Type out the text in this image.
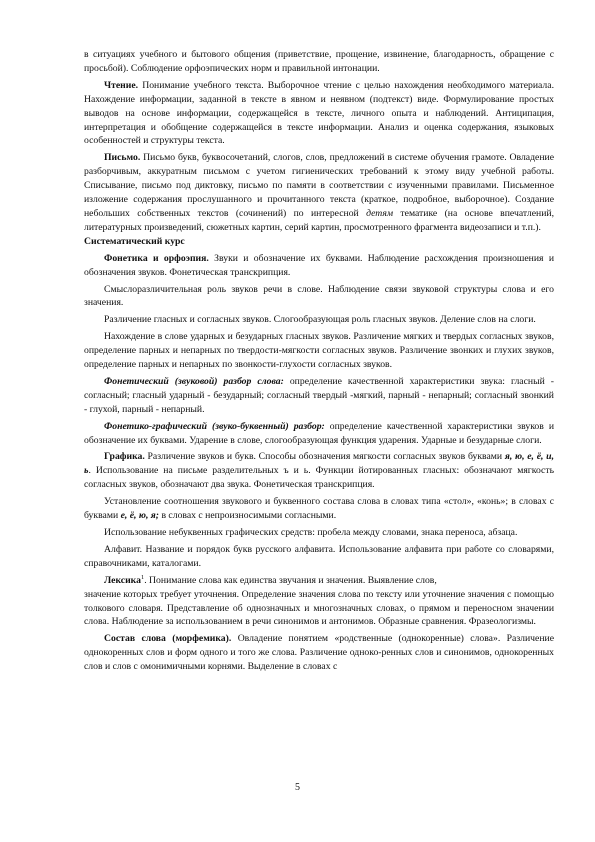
в ситуациях учебного и бытового общения (приветствие, прощение, извинение, благодарность, обращение с просьбой). Соблюдение орфоэпических норм и правильной интонации.

Чтение. Понимание учебного текста. Выборочное чтение с целью нахождения необходимого материала. Нахождение информации, заданной в тексте в явном и неявном (подтекст) виде. Формулирование простых выводов на основе информации, содержащейся в тексте, личного опыта и наблюдений. Антиципация, интерпретация и обобщение содержащейся в тексте информации. Анализ и оценка содержания, языковых особенностей и структуры текста.

Письмо. Письмо букв, буквосочетаний, слогов, слов, предложений в системе обучения грамоте. Овладение разборчивым, аккуратным письмом с учетом гигиенических требований к этому виду учебной работы. Списывание, письмо под диктовку, письмо по памяти в соответствии с изученными правилами. Письменное изложение содержания прослушанного и прочитанного текста (краткое, подробное, выборочное). Создание небольших собственных текстов (сочинений) по интересной детям тематике (на основе впечатлений, литературных произведений, сюжетных картин, серий картин, просмотренного фрагмента видеозаписи и т.п.).

Систематический курс

Фонетика и орфоэпия. Звуки и обозначение их буквами. Наблюдение расхождения произношения и обозначения звуков. Фонетическая транскрипция.

Смыслоразличительная роль звуков речи в слове. Наблюдение связи звуковой структуры слова и его значения.

Различение гласных и согласных звуков. Слогообразующая роль гласных звуков. Деление слов на слоги.

Нахождение в слове ударных и безударных гласных звуков. Различение мягких и твердых согласных звуков, определение парных и непарных по твердости-мягкости согласных звуков. Различение звонких и глухих звуков, определение парных и непарных по звонкости-глухости согласных звуков.

Фонетический (звуковой) разбор слова: определение качественной характеристики звука: гласный - согласный; гласный ударный - безударный; согласный твердый -мягкий, парный - непарный; согласный звонкий - глухой, парный - непарный.

Фонетико-графический (звуко-буквенный) разбор: определение качественной характеристики звуков и обозначение их буквами. Ударение в слове, слогообразующая функция ударения. Ударные и безударные слоги.

Графика. Различение звуков и букв. Способы обозначения мягкости согласных звуков буквами я, ю, е, ё, и, ь. Использование на письме разделительных ъ и ь. Функции йотированных гласных: обозначают мягкость согласных звуков, обозначают два звука. Фонетическая транскрипция.

Установление соотношения звукового и буквенного состава слова в словах типа «стол», «конь»; в словах с буквами е, ё, ю, я; в словах с непроизносимыми согласными.

Использование небуквенных графических средств: пробела между словами, знака переноса, абзаца.

Алфавит. Название и порядок букв русского алфавита. Использование алфавита при работе со словарями, справочниками, каталогами.

Лексика$^1$. Понимание слова как единства звучания и значения. Выявление слов,

значение которых требует уточнения. Определение значения слова по тексту или уточнение значения с помощью толкового словаря. Представление об однозначных и многозначных словах, о прямом и переносном значении слова. Наблюдение за использованием в речи синонимов и антонимов. Образные сравнения. Фразеологизмы.

Состав слова (морфемика). Овладение понятием «родственные (однокоренные) слова». Различение однокоренных слов и форм одного и того же слова. Различение одноко-ренных слов и синонимов, однокоренных слов и слов с омонимичными корнями. Выделение в словах с

5
